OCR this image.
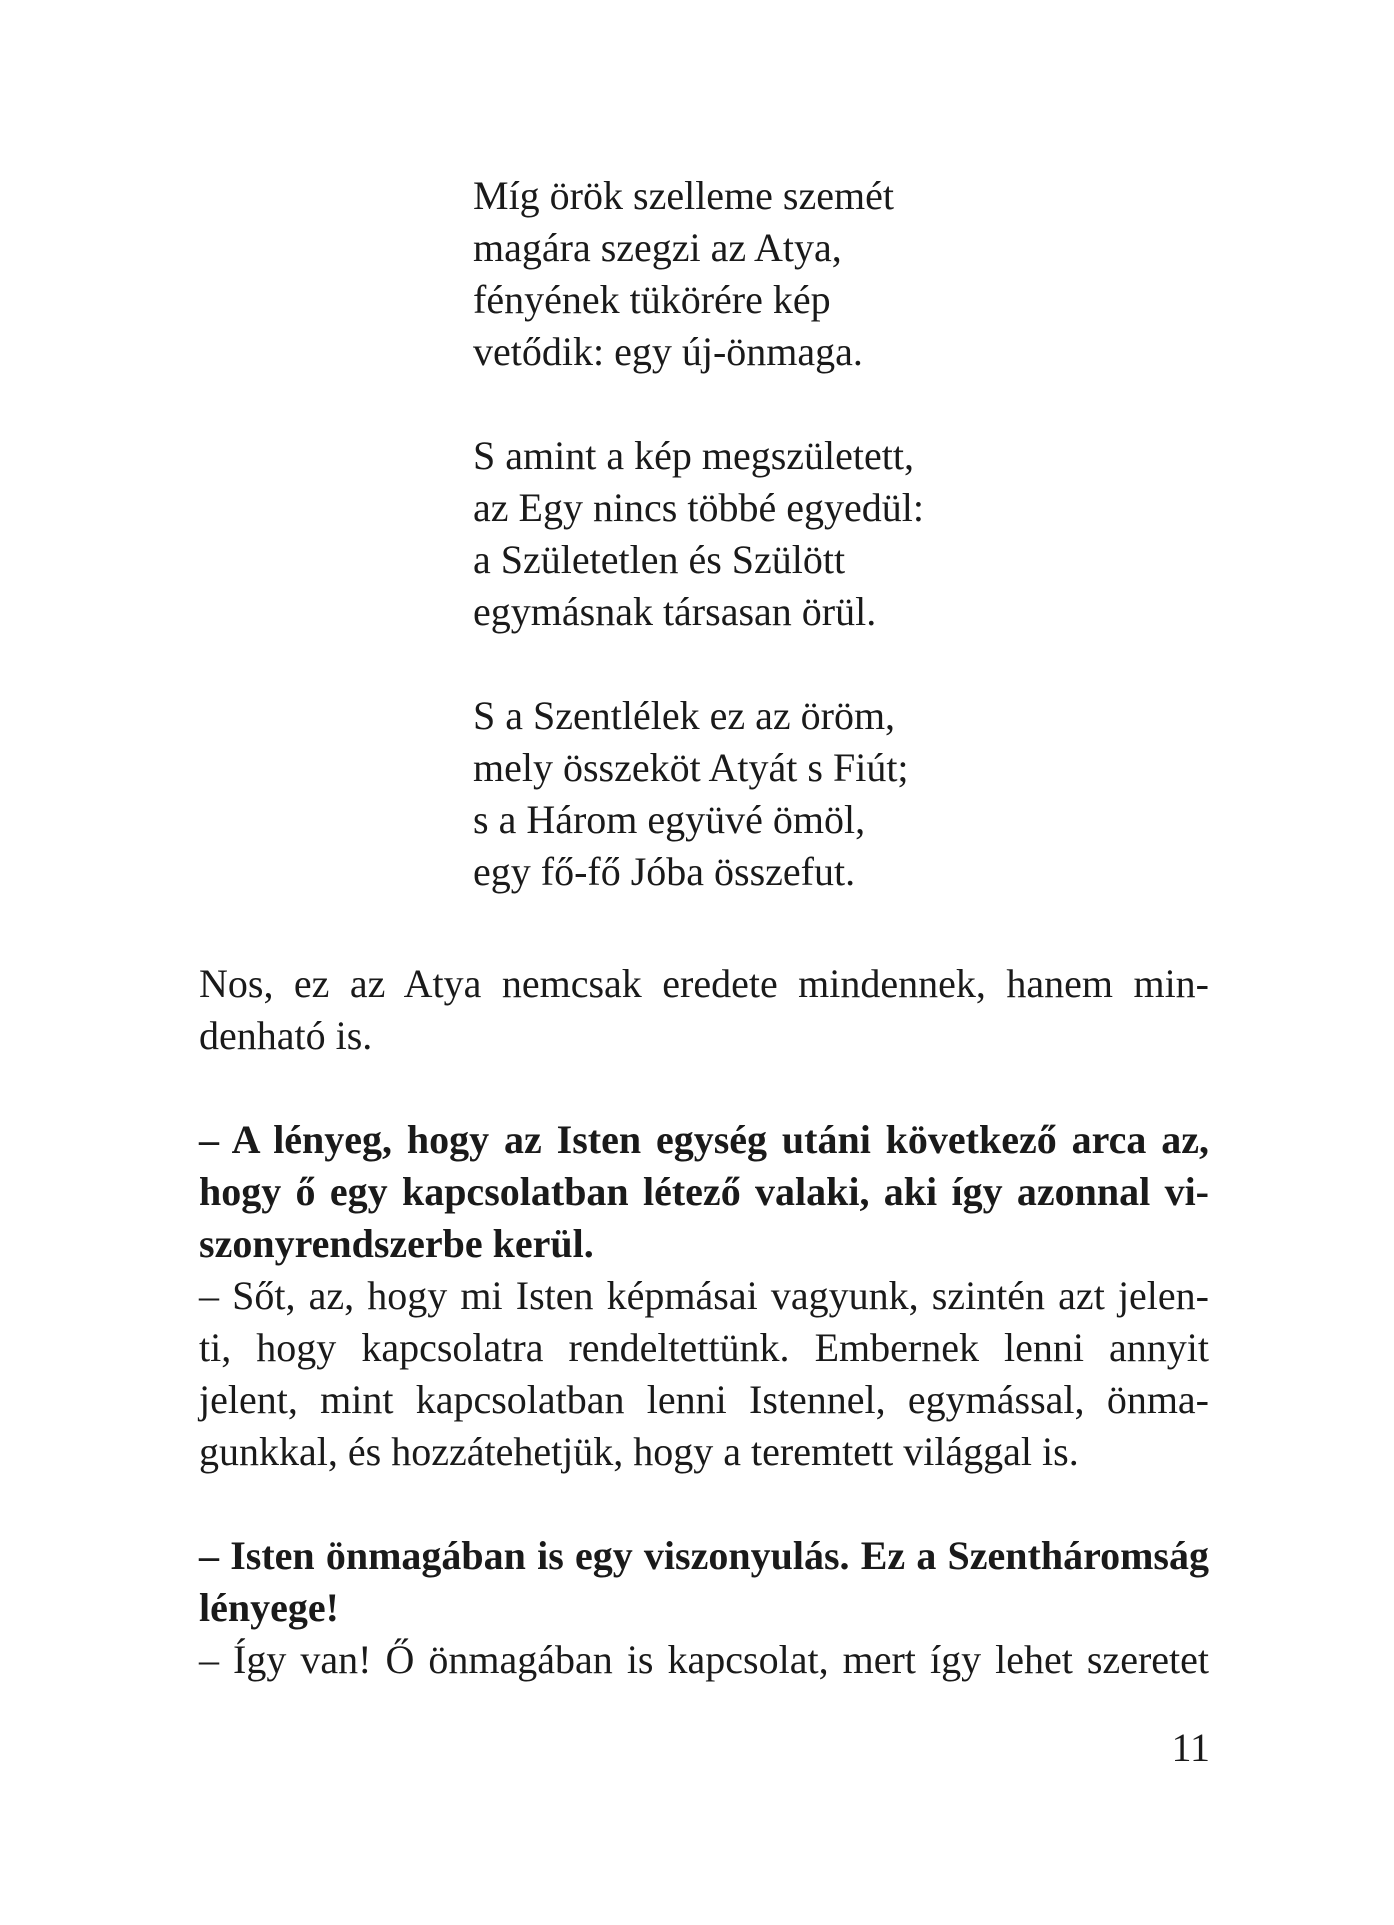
Míg örök szelleme szemét
magára szegzi az Atya,
fényének tükörére kép
vetődik: egy új-önmaga.
S amint a kép megszületett,
az Egy nincs többé egyedül:
a Születetlen és Szülött
egymásnak társasan örül.
S a Szentlélek ez az öröm,
mely összeköt Atyát s Fiút;
s a Három együvé ömöl,
egy fő-fő Jóba összefut.
Nos, ez az Atya nemcsak eredete mindennek, hanem min-
denható is.
– A lényeg, hogy az Isten egység utáni következő arca az,
hogy ő egy kapcsolatban létező valaki, aki így azonnal vi-
szonyrendszerbe kerül.
– Sőt, az, hogy mi Isten képmásai vagyunk, szintén azt jelen-
ti, hogy kapcsolatra rendeltettünk. Embernek lenni annyit
jelent, mint kapcsolatban lenni Istennel, egymással, önma-
gunkkal, és hozzátehetjük, hogy a teremtett világgal is.
– Isten önmagában is egy viszonyulás. Ez a Szentháromság
lényege!
– Így van! Ő önmagában is kapcsolat, mert így lehet szeretet
11
